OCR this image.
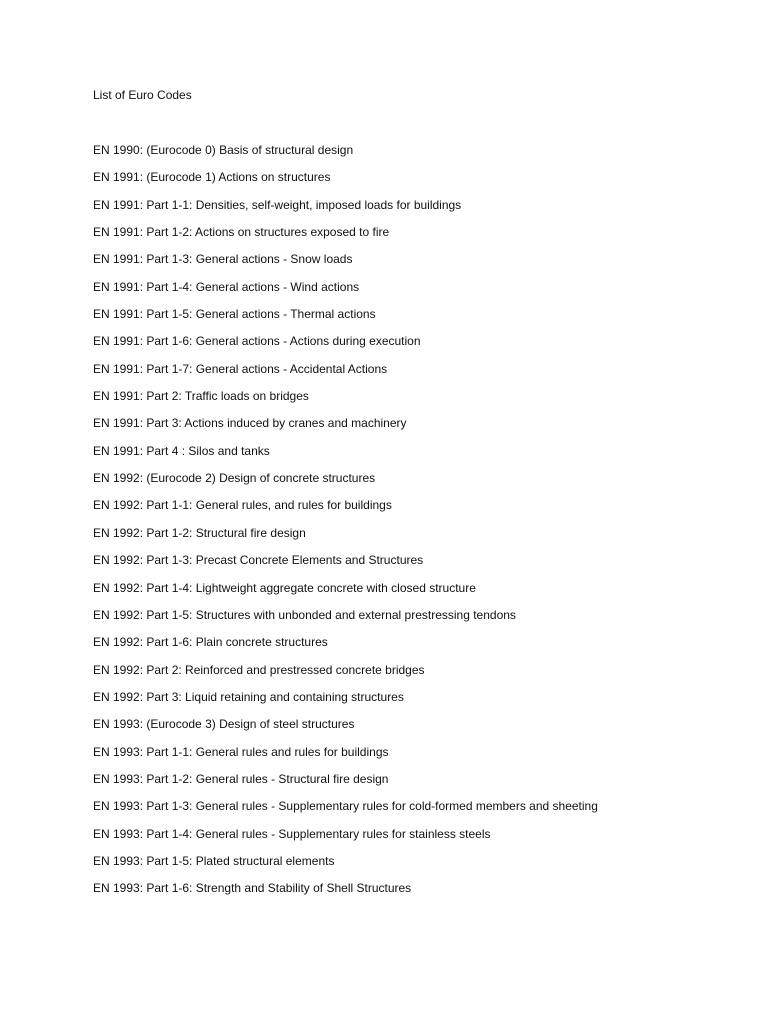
List of Euro Codes
EN 1990: (Eurocode 0) Basis of structural design
EN 1991: (Eurocode 1) Actions on structures
EN 1991: Part 1-1: Densities, self-weight, imposed loads for buildings
EN 1991: Part 1-2: Actions on structures exposed to fire
EN 1991: Part 1-3: General actions - Snow loads
EN 1991: Part 1-4: General actions - Wind actions
EN 1991: Part 1-5: General actions - Thermal actions
EN 1991: Part 1-6: General actions - Actions during execution
EN 1991: Part 1-7: General actions - Accidental Actions
EN 1991: Part 2: Traffic loads on bridges
EN 1991: Part 3: Actions induced by cranes and machinery
EN 1991: Part 4 : Silos and tanks
EN 1992: (Eurocode 2) Design of concrete structures
EN 1992: Part 1-1: General rules, and rules for buildings
EN 1992: Part 1-2: Structural fire design
EN 1992: Part 1-3: Precast Concrete Elements and Structures
EN 1992: Part 1-4: Lightweight aggregate concrete with closed structure
EN 1992: Part 1-5: Structures with unbonded and external prestressing tendons
EN 1992: Part 1-6: Plain concrete structures
EN 1992: Part 2: Reinforced and prestressed concrete bridges
EN 1992: Part 3: Liquid retaining and containing structures
EN 1993: (Eurocode 3) Design of steel structures
EN 1993: Part 1-1: General rules and rules for buildings
EN 1993: Part 1-2: General rules - Structural fire design
EN 1993: Part 1-3: General rules - Supplementary rules for cold-formed members and sheeting
EN 1993: Part 1-4: General rules - Supplementary rules for stainless steels
EN 1993: Part 1-5: Plated structural elements
EN 1993: Part 1-6: Strength and Stability of Shell Structures
